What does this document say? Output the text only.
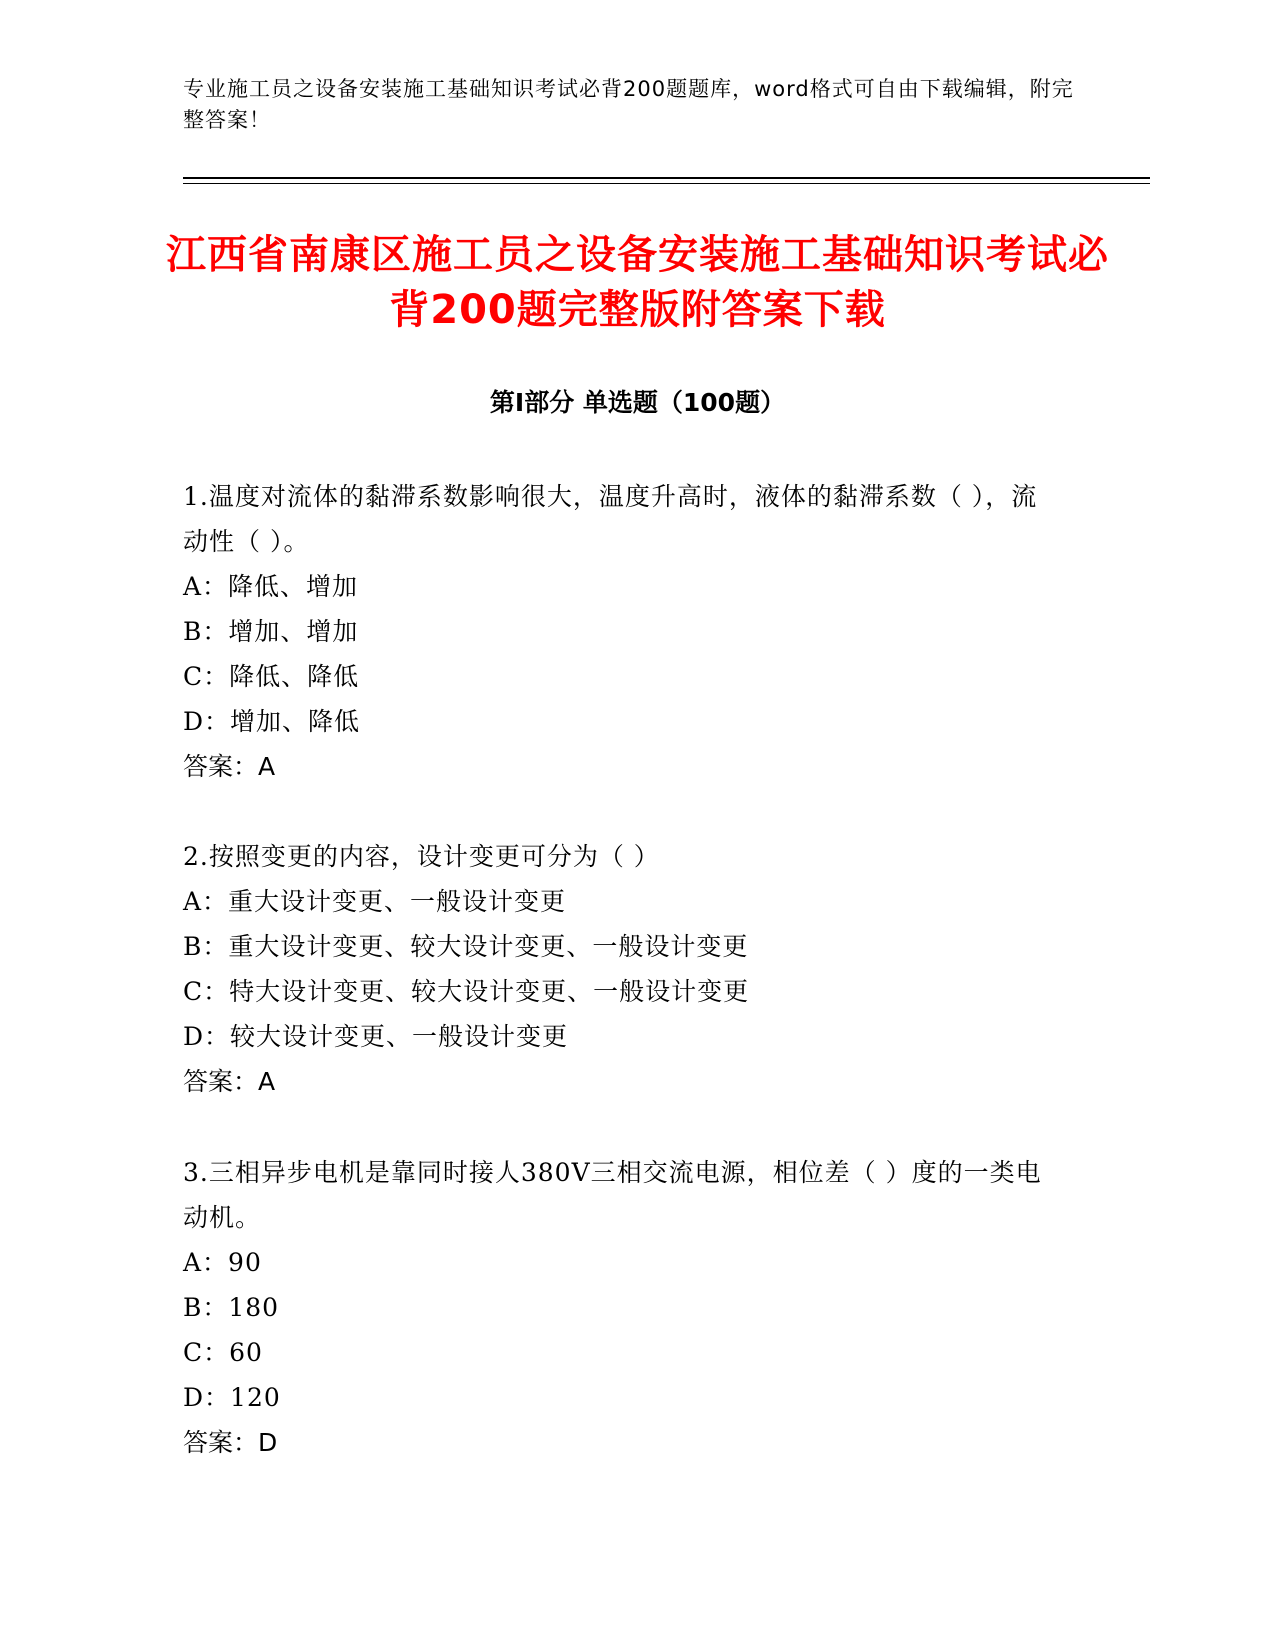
专业施工员之设备安装施工基础知识考试必背200题题库，word格式可自由下载编辑，附完整答案！
江西省南康区施工员之设备安装施工基础知识考试必背200题完整版附答案下载
第Ⅰ部分 单选题（100题）
1.温度对流体的黏滞系数影响很大，温度升高时，液体的黏滞系数（ ），流动性（ ）。
A：降低、增加
B：增加、增加
C：降低、降低
D：增加、降低
答案：A
2.按照变更的内容，设计变更可分为（ ）
A：重大设计变更、一般设计变更
B：重大设计变更、较大设计变更、一般设计变更
C：特大设计变更、较大设计变更、一般设计变更
D：较大设计变更、一般设计变更
答案：A
3.三相异步电机是靠同时接人380V三相交流电源，相位差（ ）度的一类电动机。
A：90
B：180
C：60
D：120
答案：D
